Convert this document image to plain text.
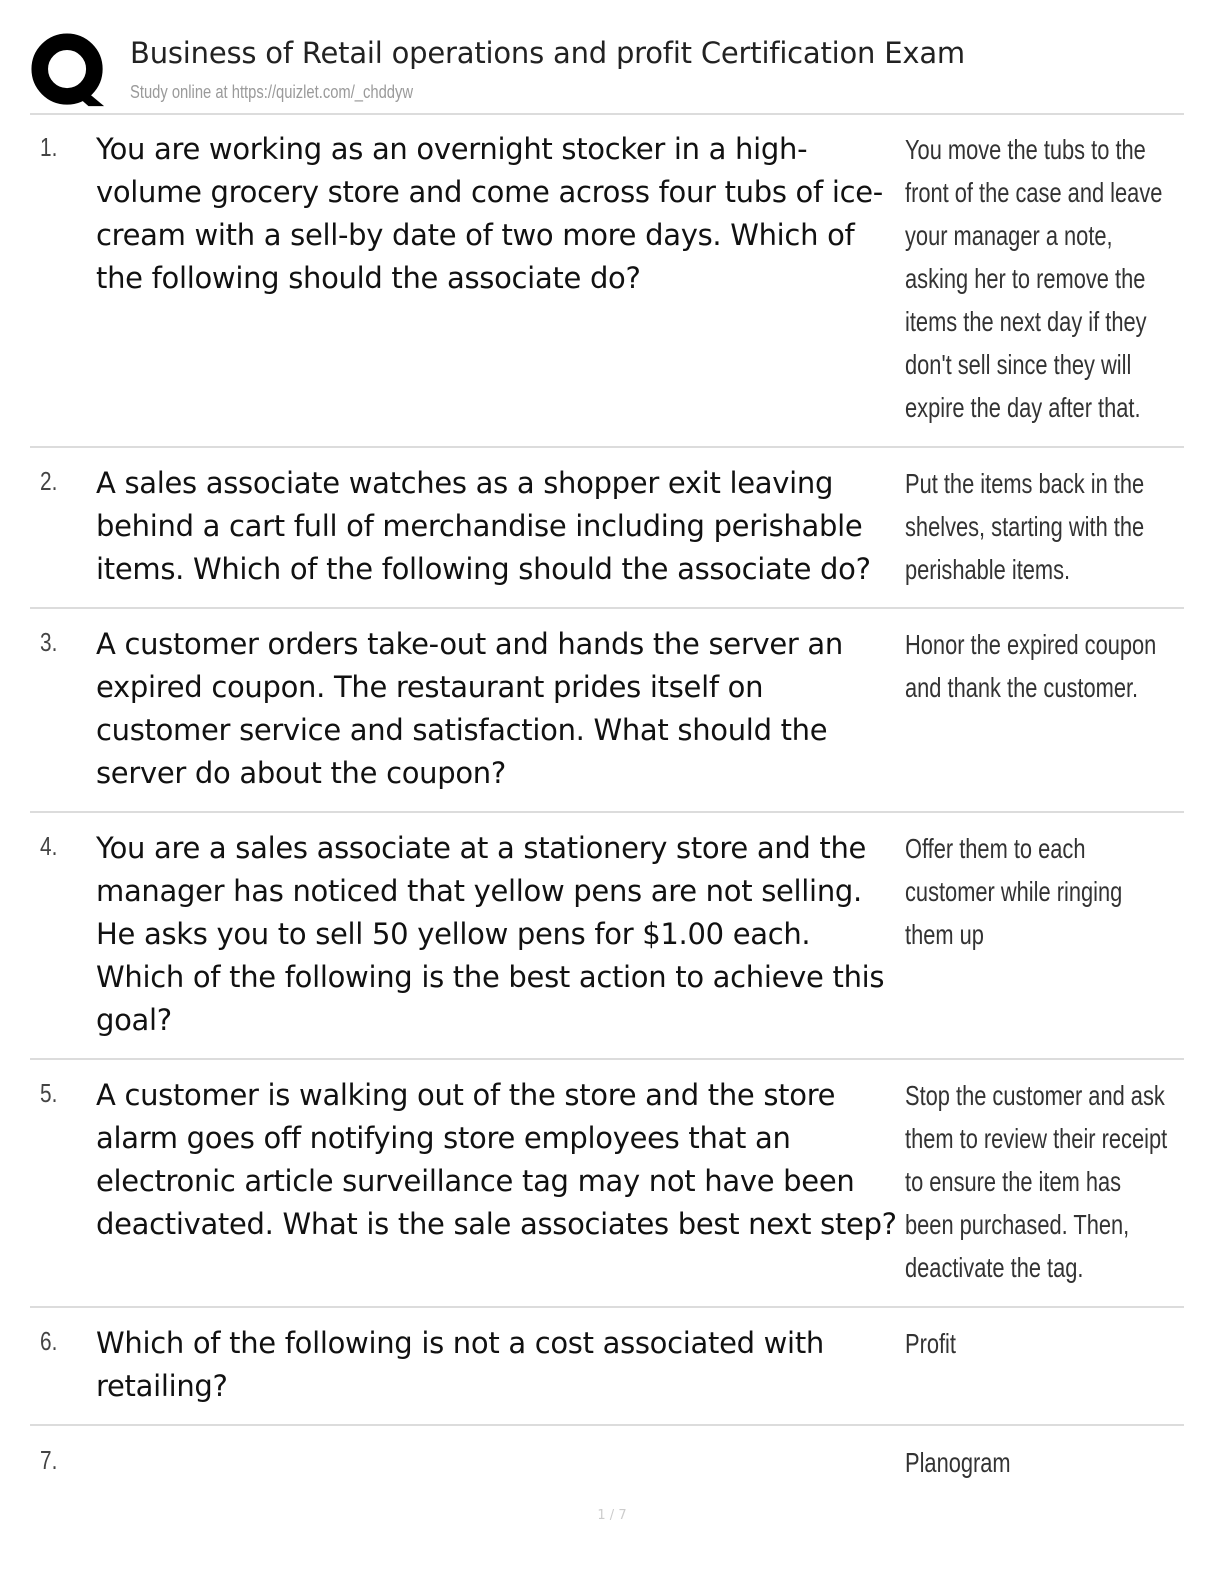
Business of Retail operations and profit Certification Exam
Study online at https://quizlet.com/_chddyw
1. You are working as an overnight stocker in a high-volume grocery store and come across four tubs of ice-cream with a sell-by date of two more days. Which of the following should the associate do?
You move the tubs to the front of the case and leave your manager a note, asking her to remove the items the next day if they don't sell since they will expire the day after that.
2. A sales associate watches as a shopper exit leaving behind a cart full of merchandise including perishable items. Which of the following should the associate do?
Put the items back in the shelves, starting with the perishable items.
3. A customer orders take-out and hands the server an expired coupon. The restaurant prides itself on customer service and satisfaction. What should the server do about the coupon?
Honor the expired coupon and thank the customer.
4. You are a sales associate at a stationery store and the manager has noticed that yellow pens are not selling. He asks you to sell 50 yellow pens for $1.00 each. Which of the following is the best action to achieve this goal?
Offer them to each customer while ringing them up
5. A customer is walking out of the store and the store alarm goes off notifying store employees that an electronic article surveillance tag may not have been deactivated. What is the sale associates best next step?
Stop the customer and ask them to review their receipt to ensure the item has been purchased. Then, deactivate the tag.
6. Which of the following is not a cost associated with retailing?
Profit
7.	Planogram
1 / 7
